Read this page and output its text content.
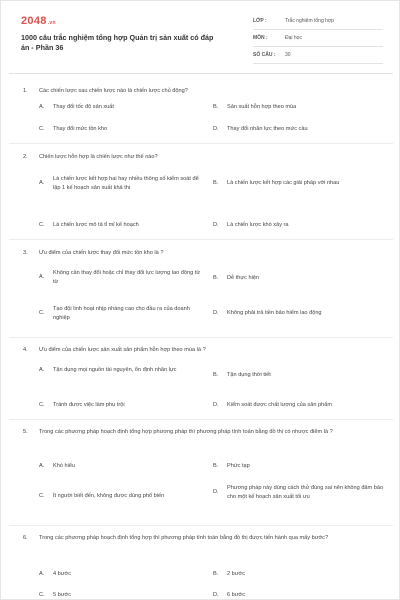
2048.vn
1000 câu trắc nghiệm tổng hợp Quản trị sản xuất có đáp án - Phần 36
LỚP :	Trắc nghiệm tổng hợp
MÔN :	Đại học
SỐ CÂU : 30
1. Các chiến lược sau chiến lược nào là chiến lược chủ động?
A.	Thay đổi tốc độ sản xuất	B.	Sản xuất hỗn hợp theo mùa
C.	Thay đổi mức tồn kho	D.	Thay đổi nhân lực theo mức cầu
2. Chiến lược hỗn hợp là chiến lược như thế nào?
A.
Là chiến lược kết hợp hai hay nhiều thông số kiểm soát để lập 1 kế hoạch sản xuất khả thi
B.	Là chiến lược kết hợp các giải pháp với nhau
C.	Là chiến lược mô tả tỉ mỉ kế hoạch	D.	Là chiến lược khó xảy ra
3. Ưu điểm của chiến lược thay đổi mức tồn kho là ?
A.
Không cần thay đổi hoặc chỉ thay đổi lực lượng lao động từ từ
B.	Dễ thực hiện
C.
Tạo đội linh hoạt nhịp nhàng cao cho đầu ra của doanh nghiệp
D.	Không phải trả tiền bảo hiểm lao động
4. Ưu điểm của chiến lược sản xuất sản phẩm hỗn hợp theo mùa là ?
A.	Tận dụng mọi nguồn tài nguyên, ổn định nhân lực
B.	Tận dụng thời tiết
C.	Tránh được việc làm phụ trội	D.	Kiểm soát được chất lượng của sản phẩm
5. Trong các phương pháp hoạch định tổng hợp phương pháp thì phương pháp tính toán bằng đồ thị có nhược điểm là ?
A.	Khó hiểu	B.	Phức tạp
C.	Ít người biết đến, không được dùng phổ biến
D.
Phương pháp này dùng cách thử đúng sai nên không đảm bảo cho một kế hoạch sản xuất tối ưu
6. Trong các phương pháp hoạch định tổng hợp thì phương pháp tính toán bằng đồ thị được tiến hành qua mấy bước?
A.	4 bước	B.	2 bước
C.	5 bước	D.	6 bước
